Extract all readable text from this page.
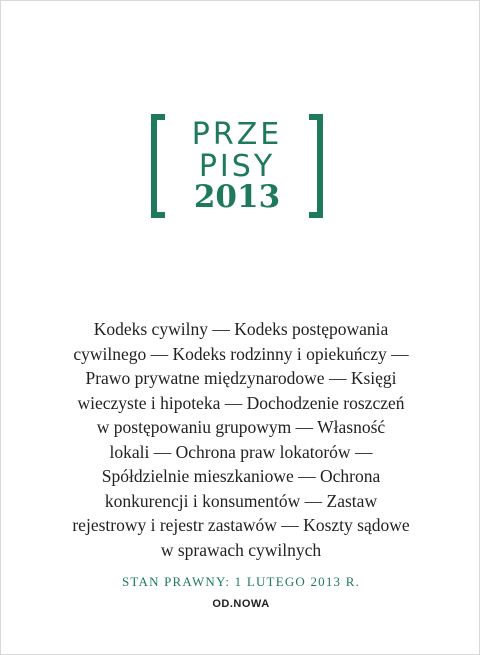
PRZE
PISY
2013
Kodeks cywilny — Kodeks postępowania
cywilnego — Kodeks rodzinny i opiekuńczy —
Prawo prywatne międzynarodowe — Księgi
wieczyste i hipoteka — Dochodzenie roszczeń
w postępowaniu grupowym — Własność
lokali — Ochrona praw lokatorów —
Spółdzielnie mieszkaniowe — Ochrona
konkurencji i konsumentów — Zastaw
rejestrowy i rejestr zastawów — Koszty sądowe
w sprawach cywilnych
STAN PRAWNY: 1 LUTEGO 2013 R.
OD.NOWA
